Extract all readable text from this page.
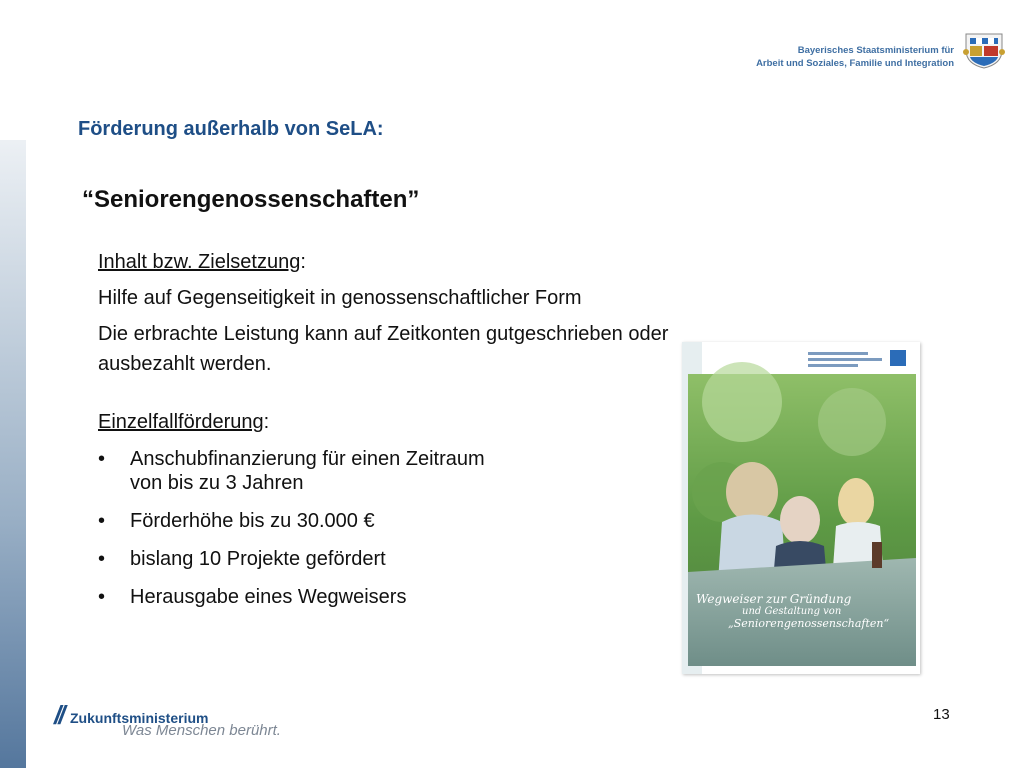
Bayerisches Staatsministerium für
Arbeit und Soziales, Familie und Integration
Förderung außerhalb von SeLA:
“Seniorengenossenschaften”

Inhalt bzw. Zielsetzung:

Hilfe auf Gegenseitigkeit in genossenschaftlicher Form

Die erbrachte Leistung kann auf Zeitkonten gutgeschrieben oder

ausbezahlt werden.

Einzelfallförderung:

• Anschubfinanzierung für einen Zeitraum
von bis zu 3 Jahren
• Förderhöhe bis zu 30.000 €
• bislang 10 Projekte gefördert
• Herausgabe eines Wegweisers	Wegweiser zur Gründung
und Gestaltung von
„Seniorengenossenschaften“
// Zukunftsministerium
Was Menschen berührt.
13
